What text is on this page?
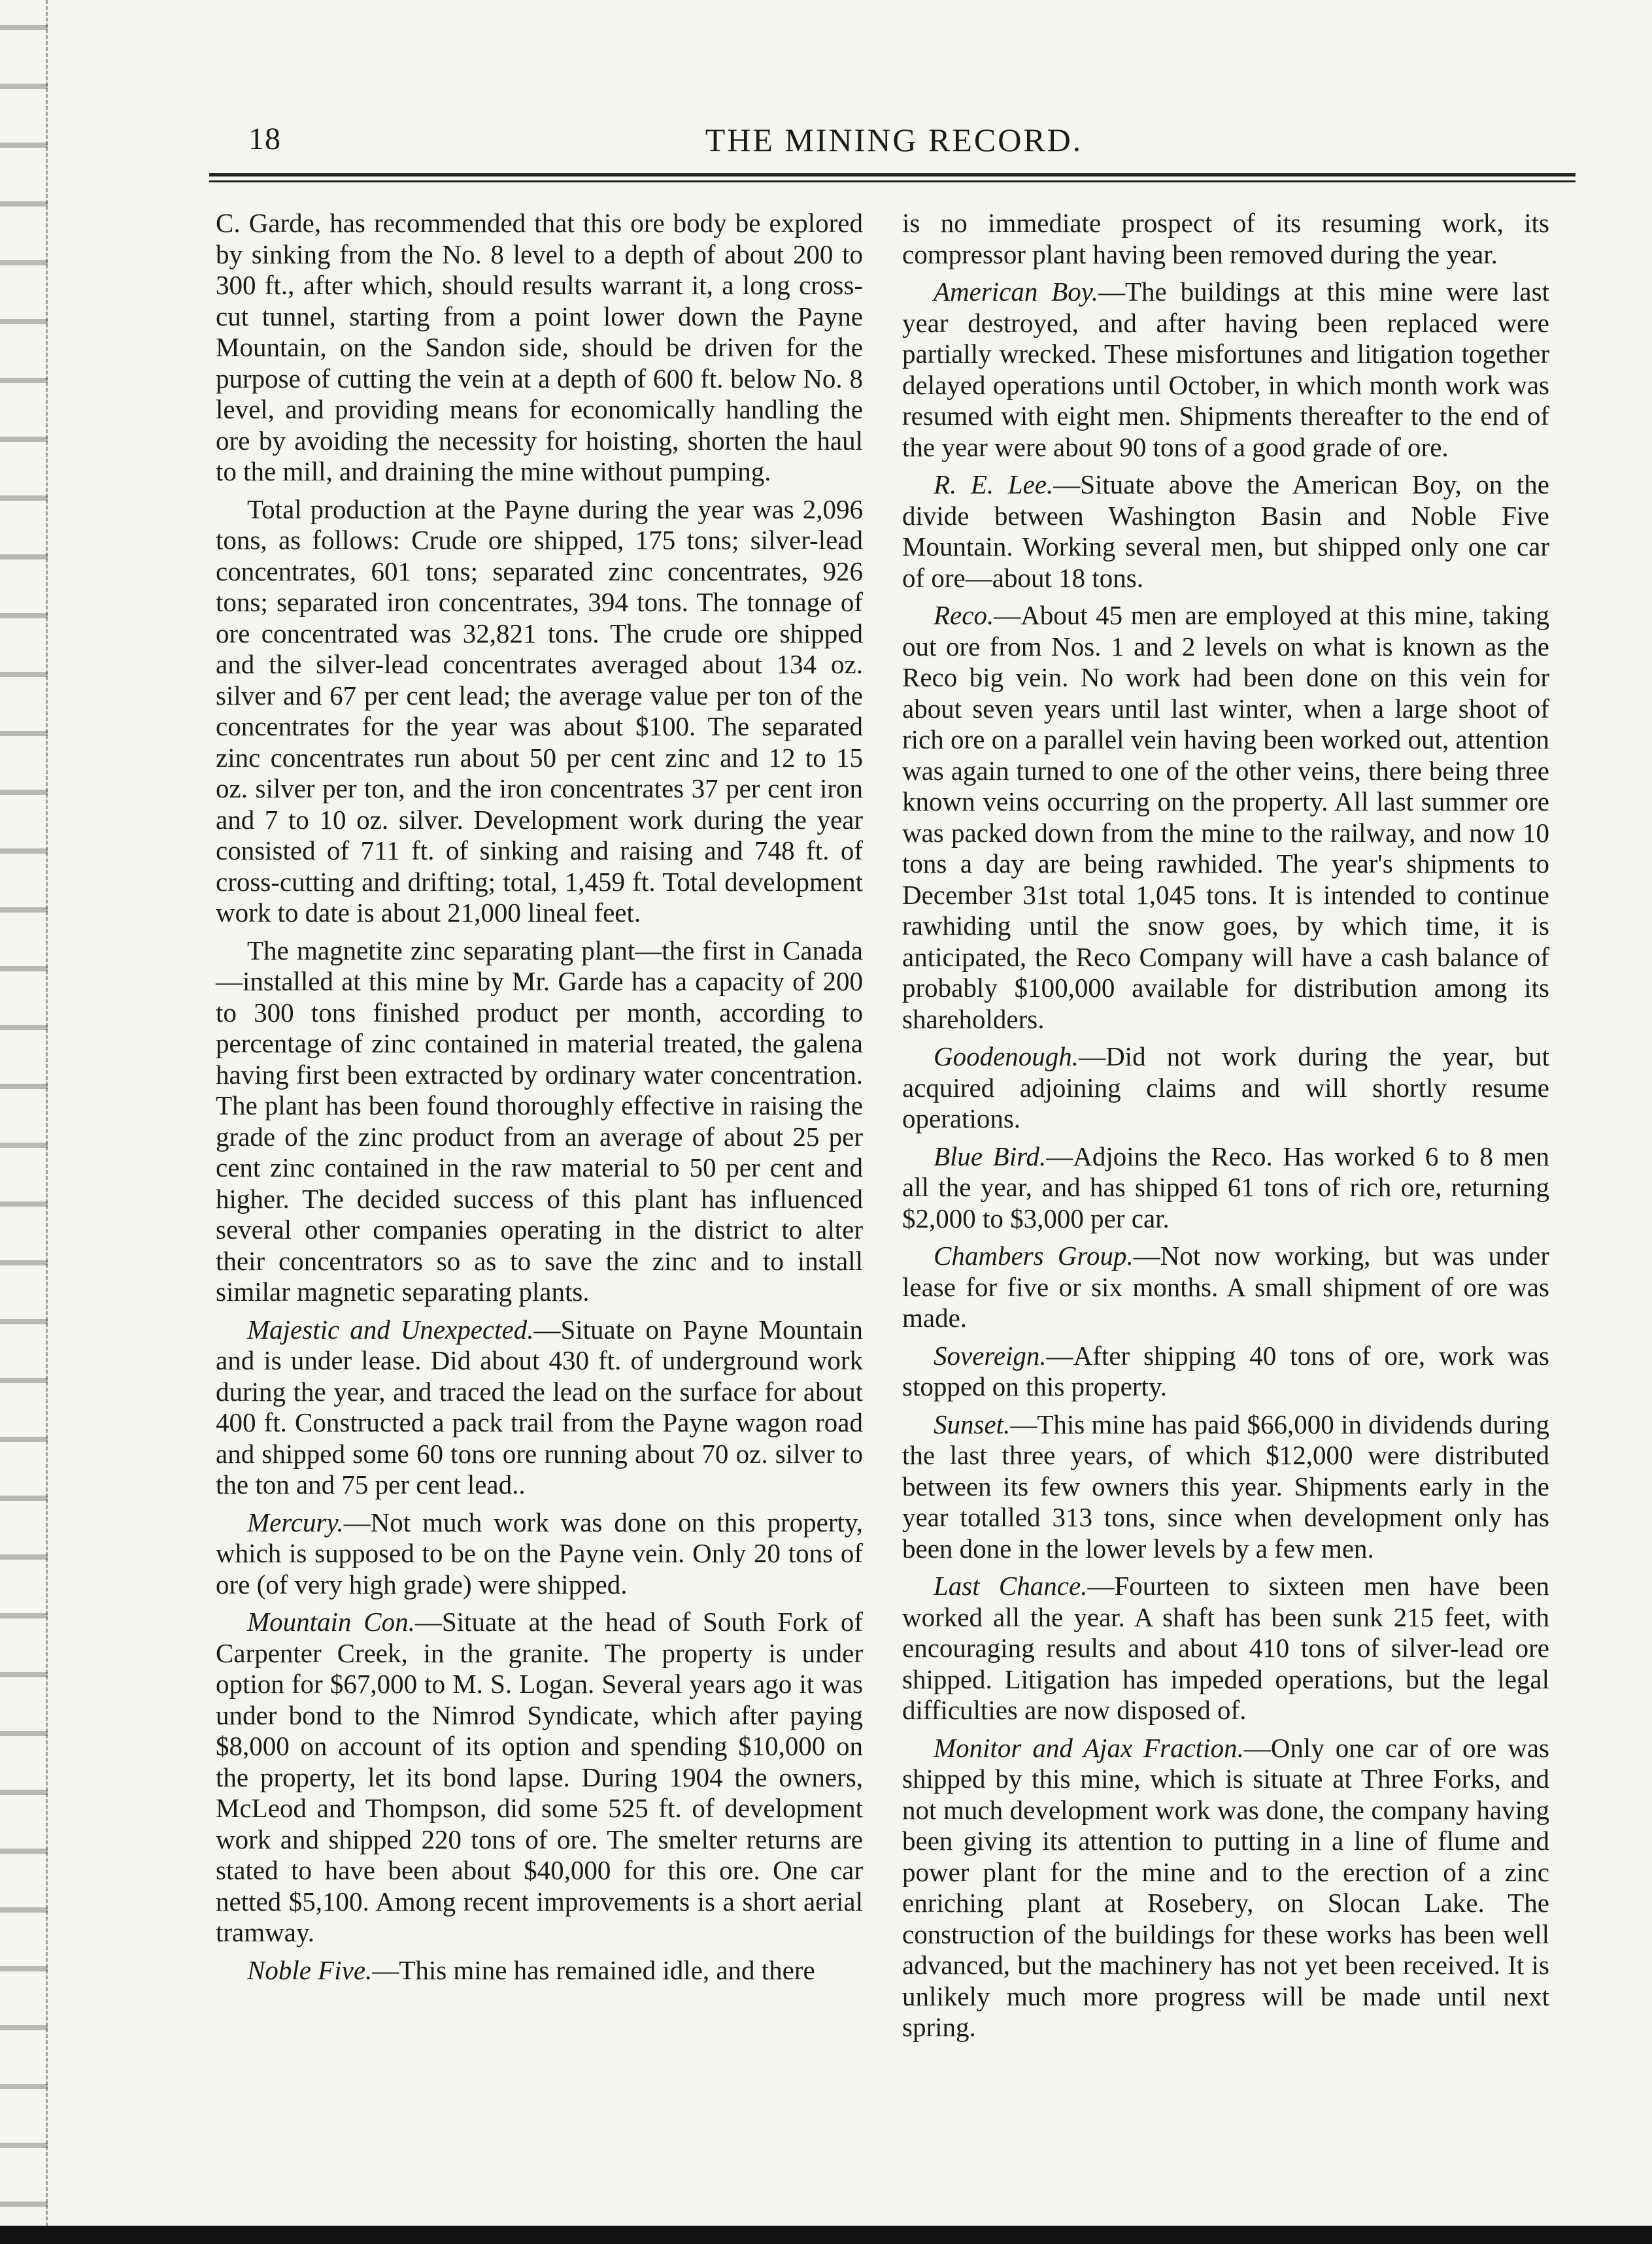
18	THE MINING RECORD.

C. Garde, has recommended that this ore body be explored by sinking from the No. 8 level to a depth of about 200 to 300 ft., after which, should results warrant it, a long cross-cut tunnel, starting from a point lower down the Payne Mountain, on the Sandon side, should be driven for the purpose of cutting the vein at a depth of 600 ft. below No. 8 level, and providing means for economically handling the ore by avoiding the necessity for hoisting, shorten the haul to the mill, and draining the mine without pumping.

Total production at the Payne during the year was 2,096 tons, as follows: Crude ore shipped, 175 tons; silver-lead concentrates, 601 tons; separated zinc concentrates, 926 tons; separated iron concentrates, 394 tons. The tonnage of ore concentrated was 32,821 tons. The crude ore shipped and the silver-lead concentrates averaged about 134 oz. silver and 67 per cent lead; the average value per ton of the concentrates for the year was about $100. The separated zinc concentrates run about 50 per cent zinc and 12 to 15 oz. silver per ton, and the iron concentrates 37 per cent iron and 7 to 10 oz. silver. Development work during the year consisted of 711 ft. of sinking and raising and 748 ft. of cross-cutting and drifting; total, 1,459 ft. Total development work to date is about 21,000 lineal feet.

The magnetite zinc separating plant—the first in Canada—installed at this mine by Mr. Garde has a capacity of 200 to 300 tons finished product per month, according to percentage of zinc contained in material treated, the galena having first been extracted by ordinary water concentration. The plant has been found thoroughly effective in raising the grade of the zinc product from an average of about 25 per cent zinc contained in the raw material to 50 per cent and higher. The decided success of this plant has influenced several other companies operating in the district to alter their concentrators so as to save the zinc and to install similar magnetic separating plants.

Majestic and Unexpected.—Situate on Payne Mountain and is under lease. Did about 430 ft. of underground work during the year, and traced the lead on the surface for about 400 ft. Constructed a pack trail from the Payne wagon road and shipped some 60 tons ore running about 70 oz. silver to the ton and 75 per cent lead..

Mercury.—Not much work was done on this property, which is supposed to be on the Payne vein. Only 20 tons of ore (of very high grade) were shipped.

Mountain Con.—Situate at the head of South Fork of Carpenter Creek, in the granite. The property is under option for $67,000 to M. S. Logan. Several years ago it was under bond to the Nimrod Syndicate, which after paying $8,000 on account of its option and spending $10,000 on the property, let its bond lapse. During 1904 the owners, McLeod and Thompson, did some 525 ft. of development work and shipped 220 tons of ore. The smelter returns are stated to have been about $40,000 for this ore. One car netted $5,100. Among recent improvements is a short aerial tramway.

Noble Five.—This mine has remained idle, and there

is no immediate prospect of its resuming work, its compressor plant having been removed during the year.

American Boy.—The buildings at this mine were last year destroyed, and after having been replaced were partially wrecked. These misfortunes and litigation together delayed operations until October, in which month work was resumed with eight men. Shipments thereafter to the end of the year were about 90 tons of a good grade of ore.

R. E. Lee.—Situate above the American Boy, on the divide between Washington Basin and Noble Five Mountain. Working several men, but shipped only one car of ore—about 18 tons.

Reco.—About 45 men are employed at this mine, taking out ore from Nos. 1 and 2 levels on what is known as the Reco big vein. No work had been done on this vein for about seven years until last winter, when a large shoot of rich ore on a parallel vein having been worked out, attention was again turned to one of the other veins, there being three known veins occurring on the property. All last summer ore was packed down from the mine to the railway, and now 10 tons a day are being rawhided. The year's shipments to December 31st total 1,045 tons. It is intended to continue rawhiding until the snow goes, by which time, it is anticipated, the Reco Company will have a cash balance of probably $100,000 available for distribution among its shareholders.

Goodenough.—Did not work during the year, but acquired adjoining claims and will shortly resume operations.

Blue Bird.—Adjoins the Reco. Has worked 6 to 8 men all the year, and has shipped 61 tons of rich ore, returning $2,000 to $3,000 per car.

Chambers Group.—Not now working, but was under lease for five or six months. A small shipment of ore was made.

Sovereign.—After shipping 40 tons of ore, work was stopped on this property.

Sunset.—This mine has paid $66,000 in dividends during the last three years, of which $12,000 were distributed between its few owners this year. Shipments early in the year totalled 313 tons, since when development only has been done in the lower levels by a few men.

Last Chance.—Fourteen to sixteen men have been worked all the year. A shaft has been sunk 215 feet, with encouraging results and about 410 tons of silver-lead ore shipped. Litigation has impeded operations, but the legal difficulties are now disposed of.

Monitor and Ajax Fraction.—Only one car of ore was shipped by this mine, which is situate at Three Forks, and not much development work was done, the company having been giving its attention to putting in a line of flume and power plant for the mine and to the erection of a zinc enriching plant at Rosebery, on Slocan Lake. The construction of the buildings for these works has been well advanced, but the machinery has not yet been received. It is unlikely much more progress will be made until next spring.
